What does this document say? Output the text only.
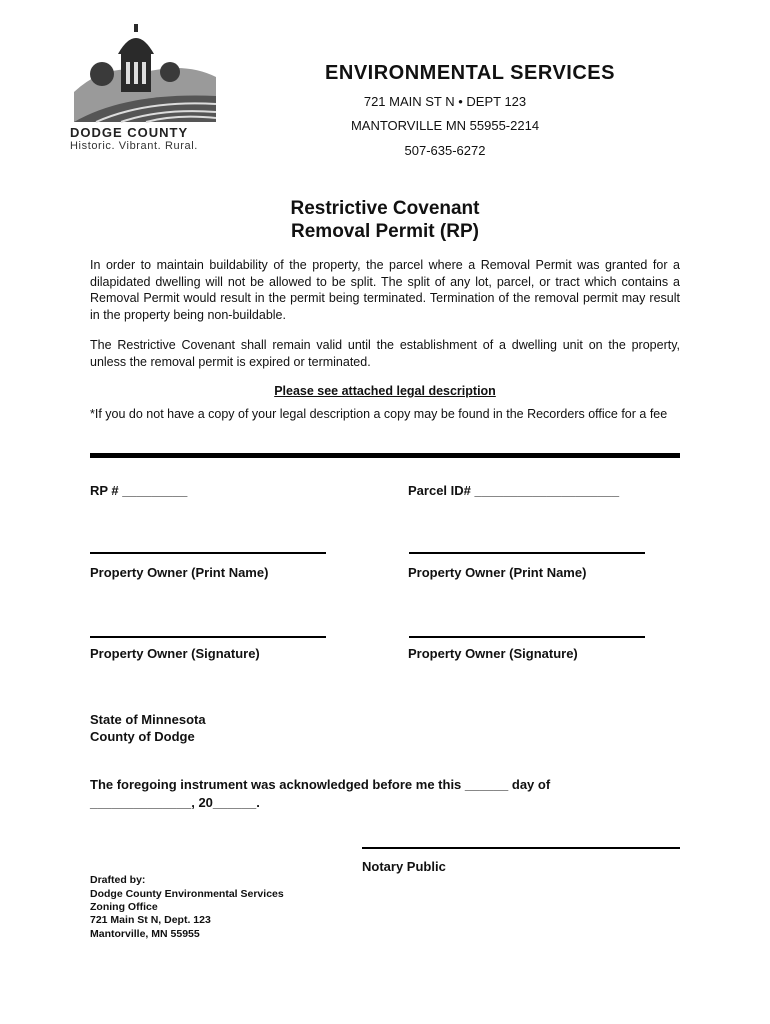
DODGE COUNTY
Historic. Vibrant. Rural.
ENVIRONMENTAL SERVICES
721 MAIN ST N • DEPT 123
MANTORVILLE MN 55955-2214
507-635-6272
Restrictive Covenant
Removal Permit (RP)
In order to maintain buildability of the property, the parcel where a Removal Permit was granted for a dilapidated dwelling will not be allowed to be split. The split of any lot, parcel, or tract which contains a Removal Permit would result in the permit being terminated. Termination of the removal permit may result in the property being non-buildable.
The Restrictive Covenant shall remain valid until the establishment of a dwelling unit on the property, unless the removal permit is expired or terminated.
Please see attached legal description
*If you do not have a copy of your legal description a copy may be found in the Recorders office for a fee
RP # _________	Parcel ID# ____________________
Property Owner (Print Name)	Property Owner (Print Name)
Property Owner (Signature)	Property Owner (Signature)
State of Minnesota
County of Dodge
The foregoing instrument was acknowledged before me this ______ day of
______________, 20______.
Notary Public
Drafted by:
Dodge County Environmental Services
Zoning Office
721 Main St N, Dept. 123
Mantorville, MN 55955
